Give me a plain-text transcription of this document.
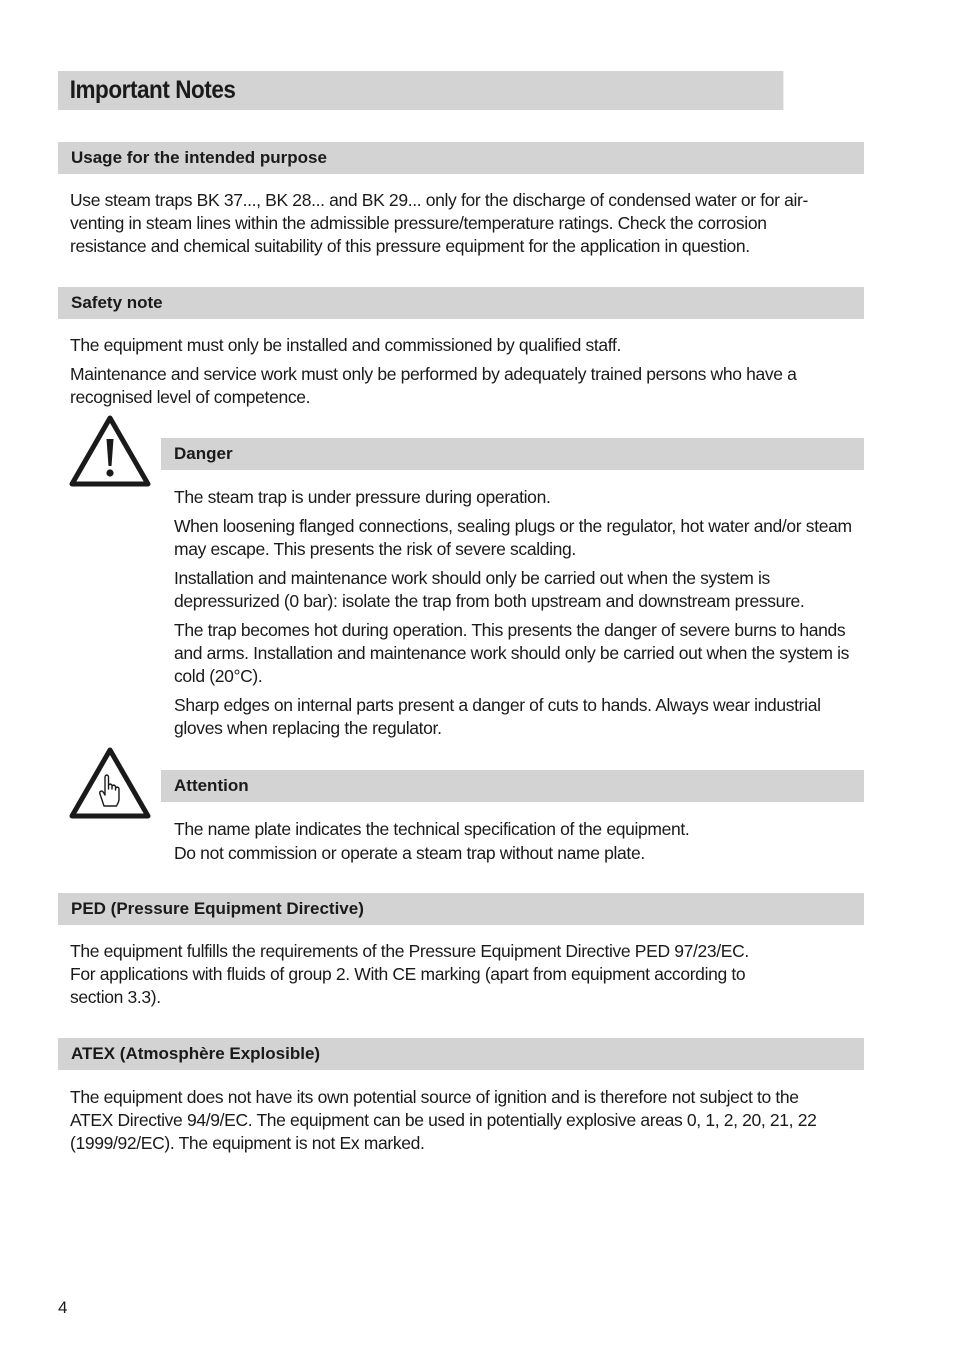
Important Notes
Usage for the intended purpose

Use steam traps BK 37..., BK 28... and BK 29... only for the discharge of condensed water or for air-venting in steam lines within the admissible pressure/temperature ratings. Check the corrosion resistance and chemical suitability of this pressure equipment for the application in question.

Safety note

The equipment must only be installed and commissioned by qualified staff.

Maintenance and service work must only be performed by adequately trained persons who have a recognised level of competence.

Danger

The steam trap is under pressure during operation.

When loosening flanged connections, sealing plugs or the regulator, hot water and/or steam may escape. This presents the risk of severe scalding.

Installation and maintenance work should only be carried out when the system is depressurized (0 bar): isolate the trap from both upstream and downstream pressure.

The trap becomes hot during operation. This presents the danger of severe burns to hands and arms. Installation and maintenance work should only be carried out when the system is cold (20°C).

Sharp edges on internal parts present a danger of cuts to hands. Always wear industrial gloves when replacing the regulator.

Attention

The name plate indicates the technical specification of the equipment.

Do not commission or operate a steam trap without name plate.

PED (Pressure Equipment Directive)

The equipment fulfills the requirements of the Pressure Equipment Directive PED 97/23/EC.

For applications with fluids of group 2. With CE marking (apart from equipment according to section 3.3).

ATEX (Atmosphère Explosible)

The equipment does not have its own potential source of ignition and is therefore not subject to the ATEX Directive 94/9/EC. The equipment can be used in potentially explosive areas 0, 1, 2, 20, 21, 22 (1999/92/EC). The equipment is not Ex marked.

4
